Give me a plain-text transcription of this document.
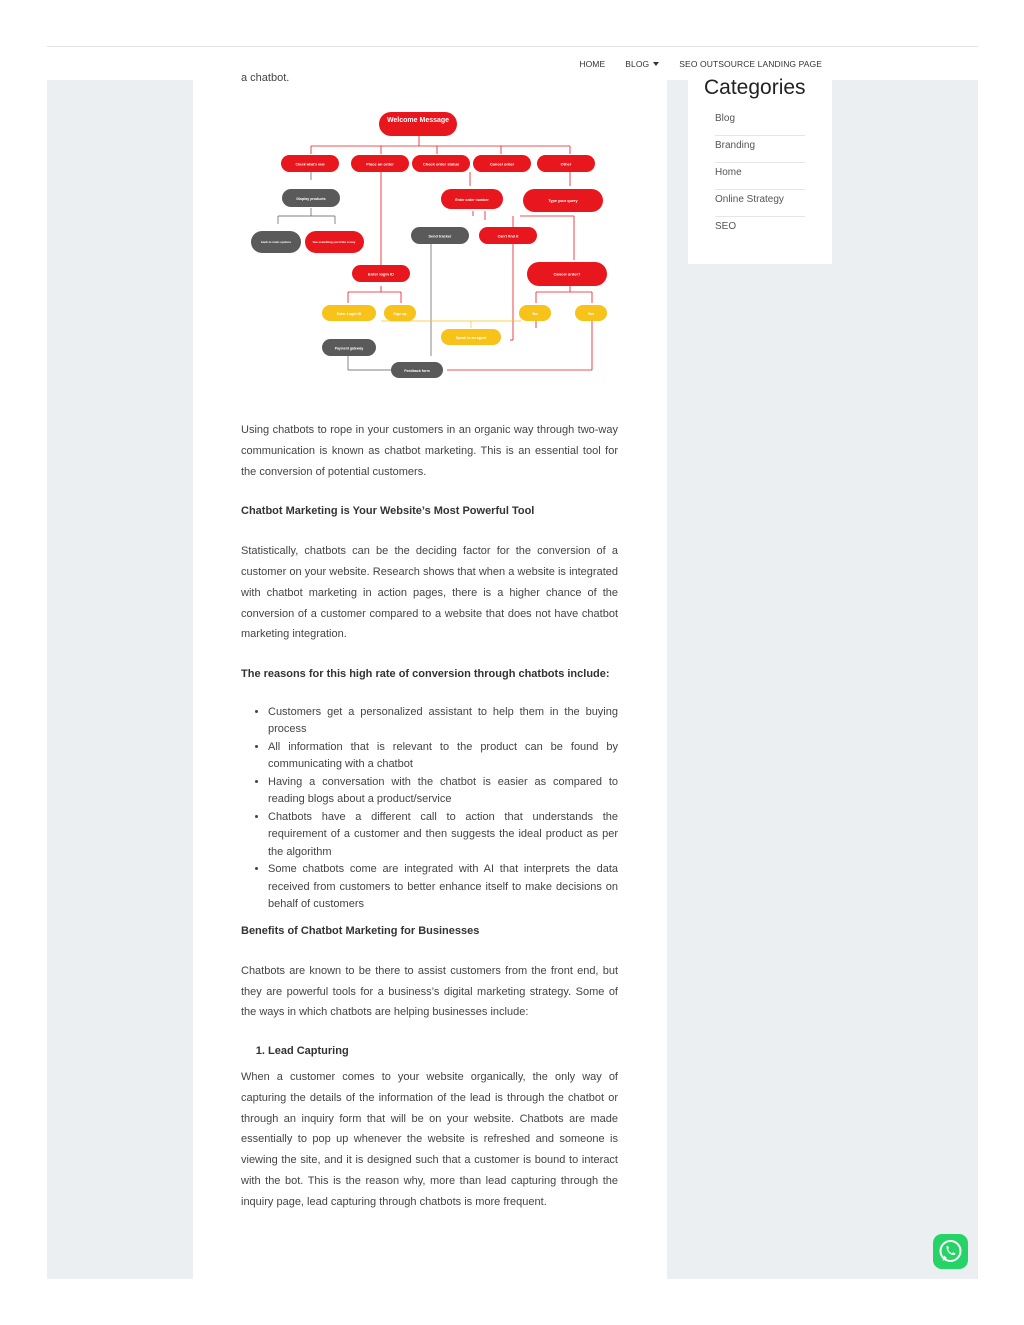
HOME BLOG	SEO OUTSOURCE LANDING PAGE
a chatbot.
Welcome Message
Check what's new	Place an order	Check order status	Cancel order	Other
Display products	Enter order number	Type your query
back to main options	See something you'd like to buy
Send tracker	Can't find it
Enter login ID	Cancel order?
Enter Login ID	Sign up	No	Yes
Speak to an agent
Payment gateway
Feedback form

Using chatbots to rope in your customers in an organic way through two-way communication is known as chatbot marketing. This is an essential tool for the conversion of potential customers.

Chatbot Marketing is Your Website’s Most Powerful Tool

Statistically, chatbots can be the deciding factor for the conversion of a customer on your website. Research shows that when a website is integrated with chatbot marketing in action pages, there is a higher chance of the conversion of a customer compared to a website that does not have chatbot marketing integration.

The reasons for this high rate of conversion through chatbots include:

• Customers get a personalized assistant to help them in the buying process
• All information that is relevant to the product can be found by communicating with a chatbot
• Having a conversation with the chatbot is easier as compared to reading blogs about a product/service
• Chatbots have a different call to action that understands the requirement of a customer and then suggests the ideal product as per the algorithm
• Some chatbots come are integrated with AI that interprets the data received from customers to better enhance itself to make decisions on behalf of customers

Benefits of Chatbot Marketing for Businesses

Chatbots are known to be there to assist customers from the front end, but they are powerful tools for a business’s digital marketing strategy. Some of the ways in which chatbots are helping businesses include:

1. Lead Capturing

When a customer comes to your website organically, the only way of capturing the details of the information of the lead is through the chatbot or through an inquiry form that will be on your website. Chatbots are made essentially to pop up whenever the website is refreshed and someone is viewing the site, and it is designed such that a customer is bound to interact with the bot. This is the reason why, more than lead capturing through the inquiry page, lead capturing through chatbots is more frequent.

Categories
Blog
Branding
Home
Online Strategy
SEO
